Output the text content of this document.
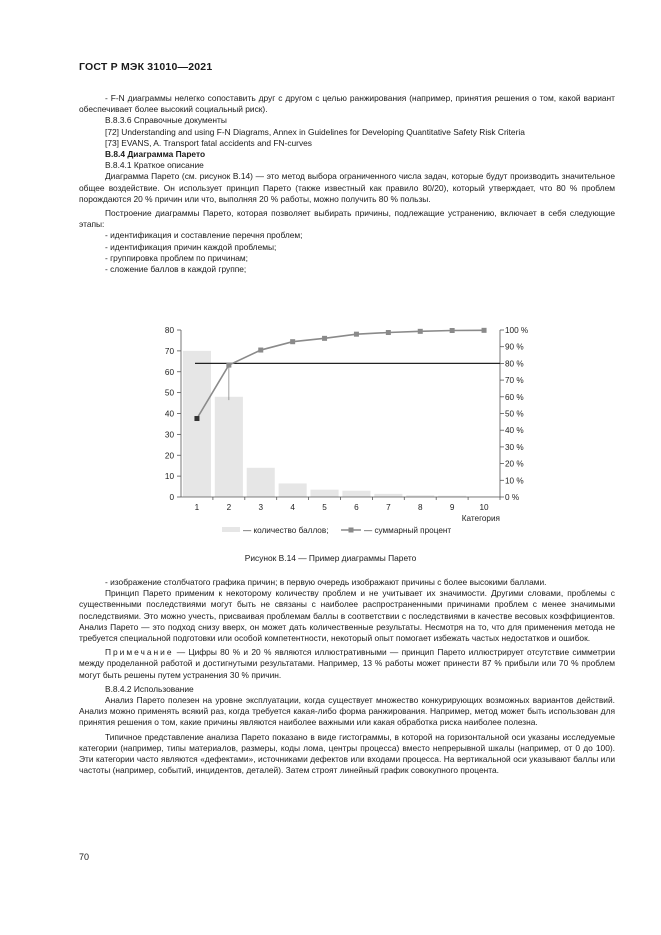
ГОСТ Р МЭК 31010—2021

- F-N диаграммы нелегко сопоставить друг с другом с целью ранжирования (например, принятия решения о том, какой вариант обеспечивает более высокий социальный риск).

B.8.3.6 Справочные документы

[72] Understanding and using F-N Diagrams, Annex in Guidelines for Developing Quantitative Safety Risk Criteria

[73] EVANS, A. Transport fatal accidents and FN-curves

B.8.4 Диаграмма Парето

B.8.4.1 Краткое описание

Диаграмма Парето (см. рисунок В.14) — это метод выбора ограниченного числа задач, которые будут производить значительное общее воздействие. Он использует принцип Парето (также известный как правило 80/20), который утверждает, что 80 % проблем порождаются 20 % причин или что, выполняя 20 % работы, можно получить 80 % пользы.

Построение диаграммы Парето, которая позволяет выбирать причины, подлежащие устранению, включает в себя следующие этапы:

- идентификация и составление перечня проблем;

- идентификация причин каждой проблемы;

- группировка проблем по причинам;

- сложение баллов в каждой группе;

0
10
20
30
40
50
60
70
80
0 %
10 %
20 %
30 %
40 %
50 %
60 %
70 %
80 %
90 %
100 %
1	2	3	4	5	6	7	8	9	10
Категория
— количество баллов;	— суммарный процент
Рисунок В.14 — Пример диаграммы Парето

- изображение столбчатого графика причин; в первую очередь изображают причины с более высокими баллами.

Принцип Парето применим к некоторому количеству проблем и не учитывает их значимости. Другими словами, проблемы с существенными последствиями могут быть не связаны с наиболее распространенными причинами проблем с менее значимыми последствиями. Это можно учесть, присваивая проблемам баллы в соответствии с последствиями в качестве весовых коэффициентов. Анализ Парето — это подход снизу вверх, он может дать количественные результаты. Несмотря на то, что для применения метода не требуется специальной подготовки или особой компетентности, некоторый опыт помогает избежать частых недостатков и ошибок.

Примечание — Цифры 80 % и 20 % являются иллюстративными — принцип Парето иллюстрирует отсутствие симметрии между проделанной работой и достигнутыми результатами. Например, 13 % работы может принести 87 % прибыли или 70 % проблем могут быть решены путем устранения 30 % причин.

B.8.4.2 Использование

Анализ Парето полезен на уровне эксплуатации, когда существует множество конкурирующих возможных вариантов действий. Анализ можно применять всякий раз, когда требуется какая-либо форма ранжирования. Например, метод может быть использован для принятия решения о том, какие причины являются наиболее важными или какая обработка риска наиболее полезна.

Типичное представление анализа Парето показано в виде гистограммы, в которой на горизонтальной оси указаны исследуемые категории (например, типы материалов, размеры, коды лома, центры процесса) вместо непрерывной шкалы (например, от 0 до 100). Эти категории часто являются «дефектами», источниками дефектов или входами процесса. На вертикальной оси указывают баллы или частоты (например, событий, инцидентов, деталей). Затем строят линейный график совокупного процента.

70
